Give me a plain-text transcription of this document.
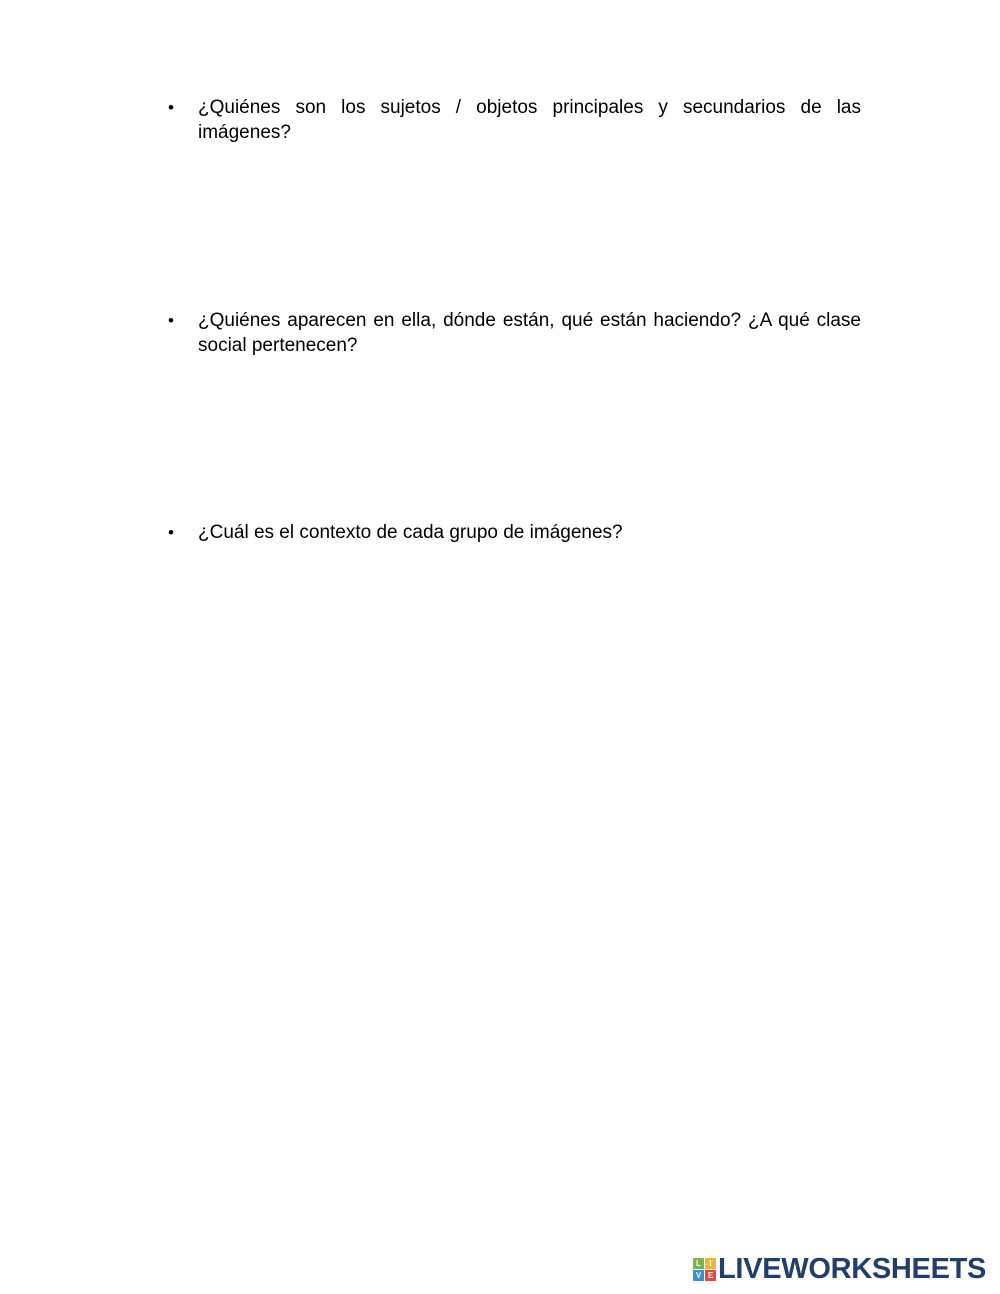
•	¿Quiénes son los sujetos / objetos principales y secundarios de las imágenes?
•	¿Quiénes aparecen en ella, dónde están, qué están haciendo? ¿A qué clase social pertenecen?
•	¿Cuál es el contexto de cada grupo de imágenes?
L	I
V E LIVEWORKSHEETS
